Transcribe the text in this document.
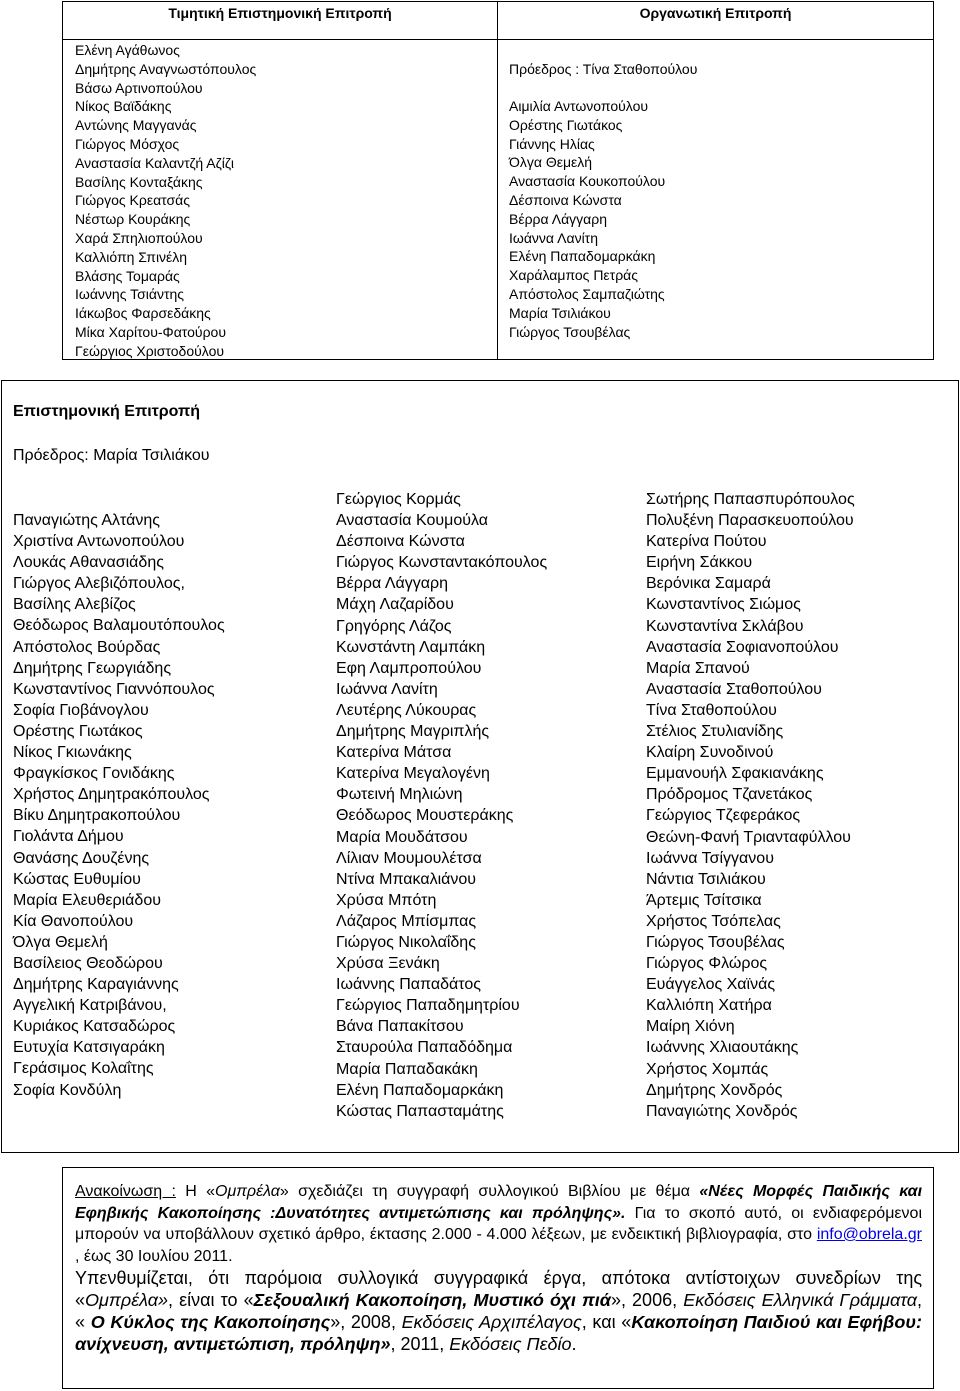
Τιμητική Επιστημονική Επιτροπή	Οργανωτική Επιτροπή
Ελένη Αγάθωνος
Δημήτρης Αναγνωστόπουλος
Βάσω Αρτινοπούλου
Νίκος Βαϊδάκης
Αντώνης Μαγγανάς
Γιώργος Μόσχος
Αναστασία Καλαντζή Αζίζι
Βασίλης Κονταξάκης
Γιώργος Κρεατσάς
Νέστωρ Κουράκης
Χαρά Σπηλιοπούλου
Καλλιόπη Σπινέλη
Βλάσης Τομαράς
Ιωάννης Τσιάντης
Ιάκωβος Φαρσεδάκης
Μίκα Χαρίτου-Φατούρου
Γεώργιος Χριστοδούλου
Πρόεδρος : Τίνα Σταθοπούλου
Αιμιλία Αντωνοπούλου
Ορέστης Γιωτάκος
Γιάννης Ηλίας
Όλγα Θεμελή
Αναστασία Κουκοπούλου
Δέσποινα Κώνστα
Βέρρα Λάγγαρη
Ιωάννα Λανίτη
Ελένη Παπαδομαρκάκη
Χαράλαμπος Πετράς
Απόστολος Σαμπαζιώτης
Μαρία Τσιλιάκου
Γιώργος Τσουβέλας
Επιστημονική Επιτροπή
Πρόεδρος: Μαρία Τσιλιάκου
Παναγιώτης Αλτάνης
Χριστίνα Αντωνοπούλου
Λουκάς Αθανασιάδης
Γιώργος Αλεβιζόπουλος,
Βασίλης Αλεβίζος
Θεόδωρος Βαλαμουτόπουλος
Απόστολος Βούρδας
Δημήτρης Γεωργιάδης
Κωνσταντίνος Γιαννόπουλος
Σοφία Γιοβάνογλου
Ορέστης Γιωτάκος
Νίκος Γκιωνάκης
Φραγκίσκος Γονιδάκης
Χρήστος Δημητρακόπουλος
Βίκυ Δημητρακοπούλου
Γιολάντα Δήμου
Θανάσης Δουζένης
Κώστας Ευθυμίου
Μαρία Ελευθεριάδου
Κία Θανοπούλου
Όλγα Θεμελή
Βασίλειος Θεοδώρου
Δημήτρης Καραγιάννης
Αγγελική Κατριβάνου,
Κυριάκος Κατσαδώρος
Ευτυχία Κατσιγαράκη
Γεράσιμος Κολαΐτης
Σοφία Κονδύλη
Γεώργιος Κορμάς
Αναστασία Κουμούλα
Δέσποινα Κώνστα
Γιώργος Κωνσταντακόπουλος
Βέρρα Λάγγαρη
Μάχη Λαζαρίδου
Γρηγόρης Λάζος
Κωνστάντη Λαμπάκη
Εφη Λαμπροπούλου
Ιωάννα Λανίτη
Λευτέρης Λύκουρας
Δημήτρης Μαγριπλής
Κατερίνα Μάτσα
Κατερίνα Μεγαλογένη
Φωτεινή Μηλιώνη
Θεόδωρος Μουστεράκης
Μαρία Μουδάτσου
Λίλιαν Μουμουλέτσα
Ντίνα Μπακαλιάνου
Χρύσα Μπότη
Λάζαρος Μπίσμπας
Γιώργος Νικολαΐδης
Χρύσα Ξενάκη
Ιωάννης Παπαδάτος
Γεώργιος Παπαδημητρίου
Βάνα Παπακίτσου
Σταυρούλα Παπαδόδημα
Μαρία Παπαδακάκη
Ελένη Παπαδομαρκάκη
Κώστας Παπασταμάτης
Σωτήρης Παπασπυρόπουλος
Πολυξένη Παρασκευοπούλου
Κατερίνα Πούτου
Ειρήνη Σάκκου
Βερόνικα Σαμαρά
Κωνσταντίνος Σιώμος
Κωνσταντίνα Σκλάβου
Αναστασία Σοφιανοπούλου
Μαρία Σπανού
Αναστασία Σταθοπούλου
Τίνα Σταθοπούλου
Στέλιος Στυλιανίδης
Κλαίρη Συνοδινού
Εμμανουήλ Σφακιανάκης
Πρόδρομος Τζανετάκος
Γεώργιος Τζεφεράκος
Θεώνη-Φανή Τριανταφύλλου
Ιωάννα Τσίγγανου
Νάντια Τσιλιάκου
Άρτεμις Τσίτσικα
Χρήστος Τσόπελας
Γιώργος Τσουβέλας
Γιώργος Φλώρος
Ευάγγελος Χαϊνάς
Καλλιόπη Χατήρα
Μαίρη Χιόνη
Ιωάννης Χλιαουτάκης
Χρήστος Χομπάς
Δημήτρης Χονδρός
Παναγιώτης Χονδρός
Ανακοίνωση : Η «Ομπρέλα» σχεδιάζει τη συγγραφή συλλογικού Βιβλίου με θέμα «Νέες Μορφές Παιδικής και Εφηβικής Κακοποίησης :Δυνατότητες αντιμετώπισης και πρόληψης». Για το σκοπό αυτό, οι ενδιαφερόμενοι μπορούν να υποβάλλουν σχετικό άρθρο, έκτασης 2.000 - 4.000 λέξεων, με ενδεικτική βιβλιογραφία, στο info@obrela.gr , έως 30 Ιουλίου 2011.
Υπενθυμίζεται, ότι παρόμοια συλλογικά συγγραφικά έργα, απότοκα αντίστοιχων συνεδρίων της «Ομπρέλα», είναι το «Σεξουαλική Κακοποίηση, Μυστικό όχι πιά», 2006, Εκδόσεις Ελληνικά Γράμματα, « Ο Κύκλος της Κακοποίησης», 2008, Εκδόσεις Αρχιπέλαγος, και «Κακοποίηση Παιδιού και Εφήβου: ανίχνευση, αντιμετώπιση, πρόληψη», 2011, Εκδόσεις Πεδίο.
